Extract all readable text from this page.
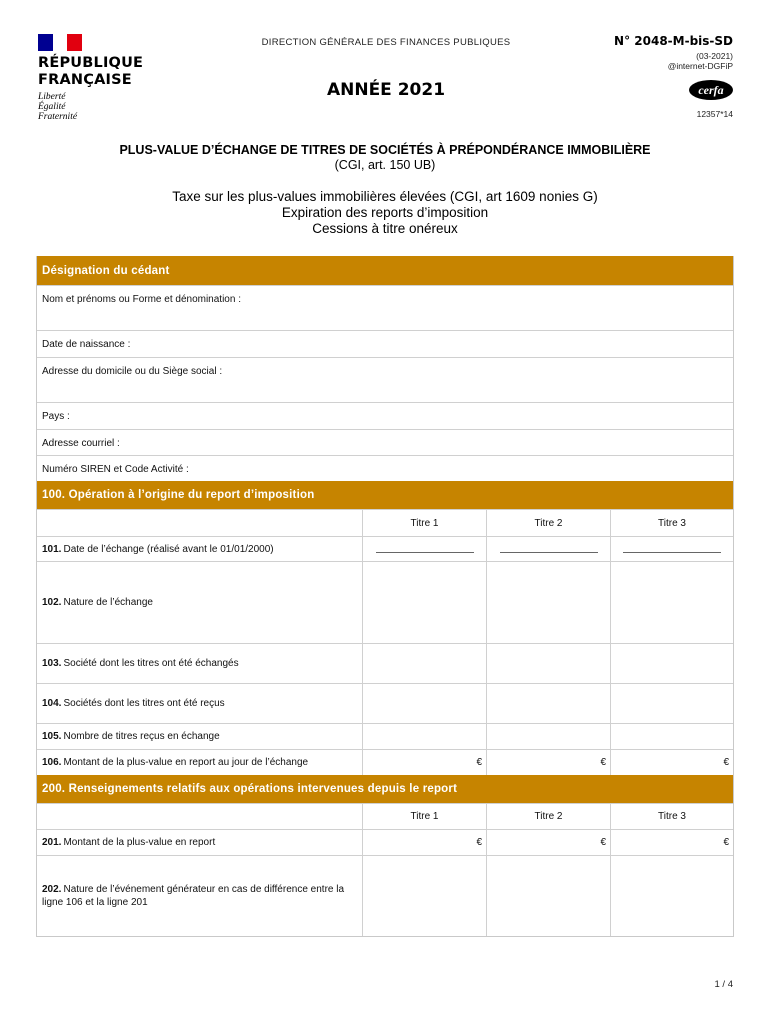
RÉPUBLIQUE
FRANÇAISE
Liberté
Égalité
Fraternité
DIRECTION GÉNÉRALE DES FINANCES PUBLIQUES
ANNÉE 2021
N° 2048-M-bis-SD
(03-2021)
@internet-DGFiP
cerfa
12357*14
PLUS-VALUE D’ÉCHANGE DE TITRES DE SOCIÉTÉS À PRÉPONDÉRANCE IMMOBILIÈRE
(CGI, art. 150 UB)
Taxe sur les plus-values immobilières élevées (CGI, art 1609 nonies G)
Expiration des reports d’imposition
Cessions à titre onéreux
Désignation du cédant
Nom et prénoms ou Forme et dénomination :
Date de naissance :
Adresse du domicile ou du Siège social :
Pays :
Adresse courriel :
Numéro SIREN et Code Activité :
100. Opération à l’origine du report d’imposition
Titre 1	Titre 2	Titre 3
101. Date de l’échange (réalisé avant le 01/01/2000)
102. Nature de l’échange
103. Société dont les titres ont été échangés
104. Sociétés dont les titres ont été reçus
105. Nombre de titres reçus en échange
106. Montant de la plus-value en report au jour de l’échange	€	€	€
200. Renseignements relatifs aux opérations intervenues depuis le report
Titre 1	Titre 2	Titre 3
201. Montant de la plus-value en report	€	€	€
202. Nature de l’événement générateur en cas de différence entre la ligne 106 et la ligne 201
1 / 4
